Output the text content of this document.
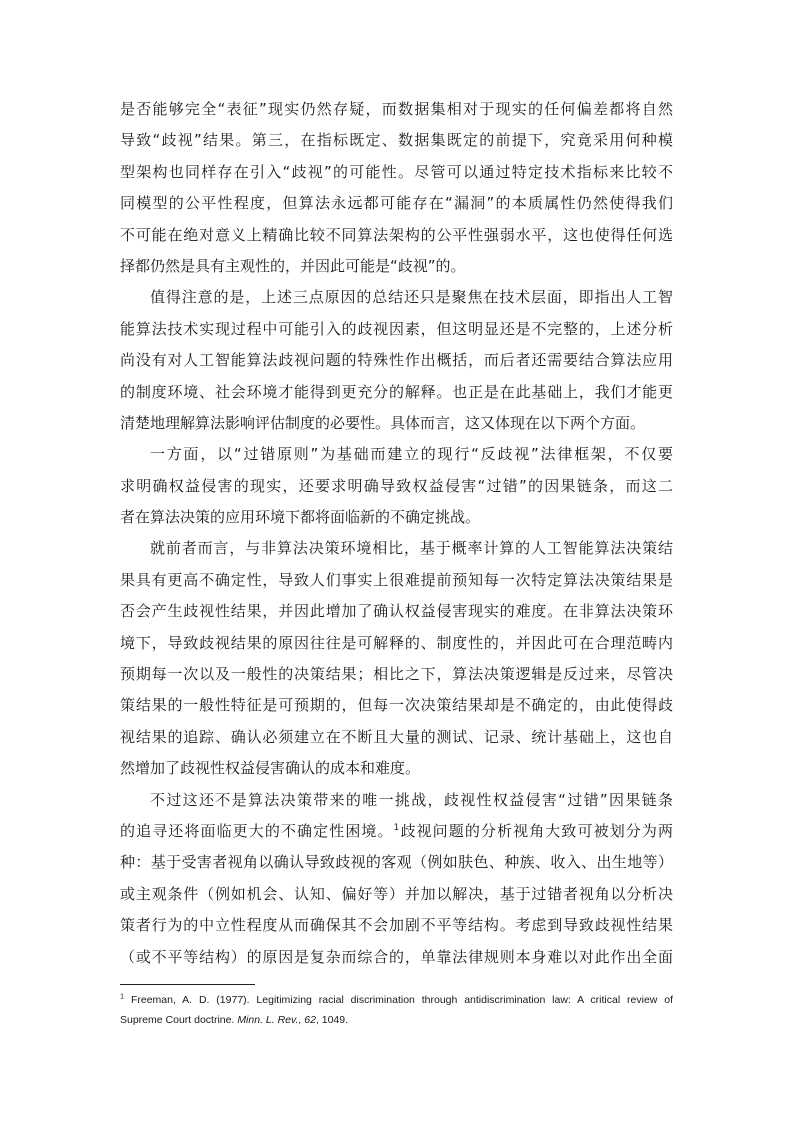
是否能够完全“表征”现实仍然存疑，而数据集相对于现实的任何偏差都将自然
导致“歧视”结果。第三，在指标既定、数据集既定的前提下，究竟采用何种模
型架构也同样存在引入“歧视”的可能性。尽管可以通过特定技术指标来比较不
同模型的公平性程度，但算法永远都可能存在“漏洞”的本质属性仍然使得我们
不可能在绝对意义上精确比较不同算法架构的公平性强弱水平，这也使得任何选
择都仍然是具有主观性的，并因此可能是“歧视”的。
值得注意的是，上述三点原因的总结还只是聚焦在技术层面，即指出人工智
能算法技术实现过程中可能引入的歧视因素，但这明显还是不完整的，上述分析
尚没有对人工智能算法歧视问题的特殊性作出概括，而后者还需要结合算法应用
的制度环境、社会环境才能得到更充分的解释。也正是在此基础上，我们才能更
清楚地理解算法影响评估制度的必要性。具体而言，这又体现在以下两个方面。
一方面，以“过错原则”为基础而建立的现行“反歧视”法律框架，不仅要
求明确权益侵害的现实，还要求明确导致权益侵害“过错”的因果链条，而这二
者在算法决策的应用环境下都将面临新的不确定挑战。
就前者而言，与非算法决策环境相比，基于概率计算的人工智能算法决策结
果具有更高不确定性，导致人们事实上很难提前预知每一次特定算法决策结果是
否会产生歧视性结果，并因此增加了确认权益侵害现实的难度。在非算法决策环
境下，导致歧视结果的原因往往是可解释的、制度性的，并因此可在合理范畴内
预期每一次以及一般性的决策结果；相比之下，算法决策逻辑是反过来，尽管决
策结果的一般性特征是可预期的，但每一次决策结果却是不确定的，由此使得歧
视结果的追踪、确认必须建立在不断且大量的测试、记录、统计基础上，这也自
然增加了歧视性权益侵害确认的成本和难度。
不过这还不是算法决策带来的唯一挑战，歧视性权益侵害“过错”因果链条
的追寻还将面临更大的不确定性困境。$^1$歧视问题的分析视角大致可被划分为两
种：基于受害者视角以确认导致歧视的客观（例如肤色、种族、收入、出生地等）
或主观条件（例如机会、认知、偏好等）并加以解决，基于过错者视角以分析决
策者行为的中立性程度从而确保其不会加剧不平等结构。考虑到导致歧视性结果
（或不平等结构）的原因是复杂而综合的，单靠法律规则本身难以对此作出全面
$^1$ Freeman, A. D. (1977). Legitimizing racial discrimination through antidiscrimination law: A critical review of
Supreme Court doctrine. Minn. L. Rev., 62, 1049.
